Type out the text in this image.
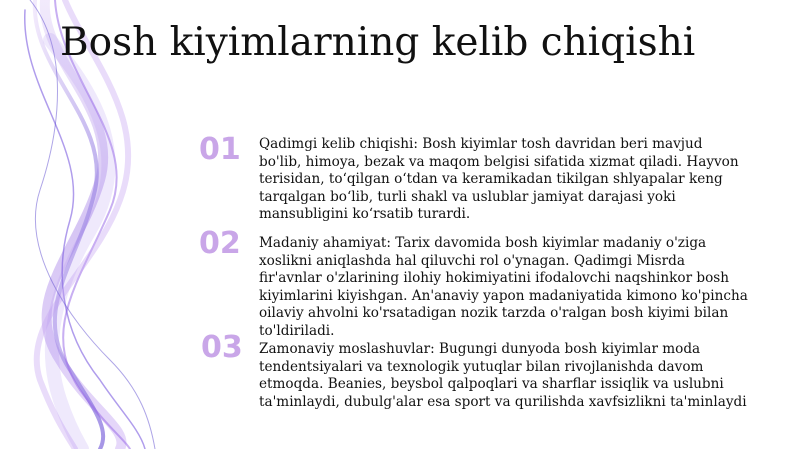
Bosh kiyimlarning kelib chiqishi
01 Qadimgi kelib chiqishi: Bosh kiyimlar tosh davridan beri mavjud bo'lib, himoya, bezak va maqom belgisi sifatida xizmat qiladi. Hayvon terisidan, to‘qilgan o‘tdan va keramikadan tikilgan shlyapalar keng tarqalgan bo‘lib, turli shakl va uslublar jamiyat darajasi yoki mansubligini ko‘rsatib turardi.
02 Madaniy ahamiyat: Tarix davomida bosh kiyimlar madaniy o'ziga xoslikni aniqlashda hal qiluvchi rol o'ynagan. Qadimgi Misrda fir'avnlar o'zlarining ilohiy hokimiyatini ifodalovchi naqshinkor bosh kiyimlarini kiyishgan. An'anaviy yapon madaniyatida kimono ko'pincha oilaviy ahvolni ko'rsatadigan nozik tarzda o'ralgan bosh kiyimi bilan to'ldiriladi.
03 Zamonaviy moslashuvlar: Bugungi dunyoda bosh kiyimlar moda tendentsiyalari va texnologik yutuqlar bilan rivojlanishda davom etmoqda. Beanies, beysbol qalpoqlari va sharflar issiqlik va uslubni ta'minlaydi, dubulg'alar esa sport va qurilishda xavfsizlikni ta'minlaydi
